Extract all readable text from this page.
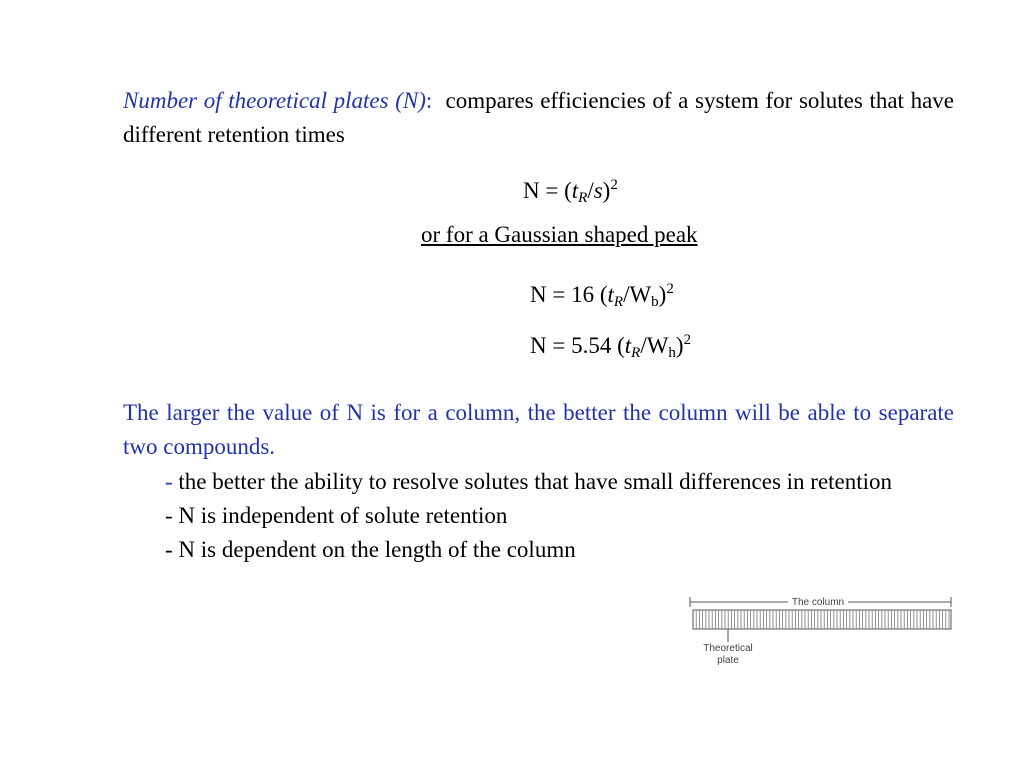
Number of theoretical plates (N): compares efficiencies of a system for solutes that have different retention times
$N = (t_R/s)^2$
or for a Gaussian shaped peak
N = 16 $(t_R/W_b)^2$
N = 5.54 $(t_R/W_h)^2$
The larger the value of N is for a column, the better the column will be able to separate two compounds.
- the better the ability to resolve solutes that have small differences in retention
- N is independent of solute retention
- N is dependent on the length of the column
The column
Theoretical
plate
